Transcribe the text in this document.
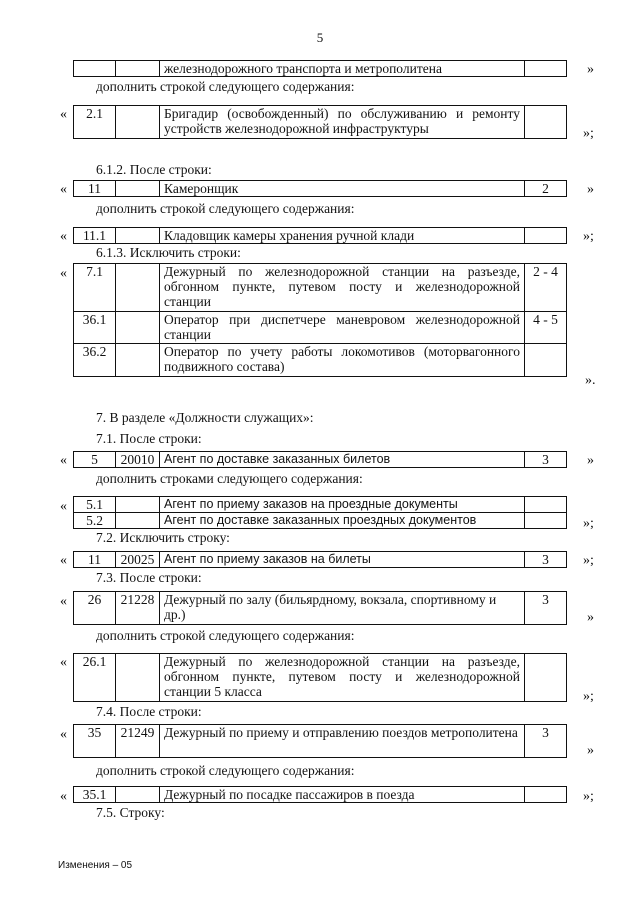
5
		железнодорожного транспорта и метрополитена		»
дополнить строкой следующего содержания:
« 2.1		Бригадир (освобожденный) по обслуживанию и ремонту устройств железнодорожной инфраструктуры		»;
6.1.2. После строки:
« 11		Камеронщик	2	»
дополнить строкой следующего содержания:
« 11.1		Кладовщик камеры хранения ручной клади		»;
6.1.3. Исключить строки:
« 7.1		Дежурный по железнодорожной станции на разъезде, обгонном пункте, путевом посту и железнодорожной станции	2 - 4
36.1		Оператор при диспетчере маневровом железнодорожной станции	4 - 5
36.2		Оператор по учету работы локомотивов (моторвагонного подвижного состава)	
».
7. В разделе «Должности служащих»:
7.1. После строки:
« 5	20010	Агент по доставке заказанных билетов	3	»
дополнить строками следующего содержания:
« 5.1		Агент по приему заказов на проездные документы	
5.2		Агент по доставке заказанных проездных документов		»;
7.2. Исключить строку:
« 11	20025	Агент по приему заказов на билеты	3 »;
7.3. После строки:
« 26	21228	Дежурный по залу (бильярдному, вокзала, спортивному и др.)	3
»
дополнить строкой следующего содержания:
« 26.1		Дежурный по железнодорожной станции на разъезде, обгонном пункте, путевом посту и железнодорожной станции 5 класса		»;
7.4. После строки:
« 35	21249	Дежурный по приему и отправлению поездов метрополитена	3
»
дополнить строкой следующего содержания:
« 35.1		Дежурный по посадке пассажиров в поезда		»;
7.5. Строку:
Изменения – 05
